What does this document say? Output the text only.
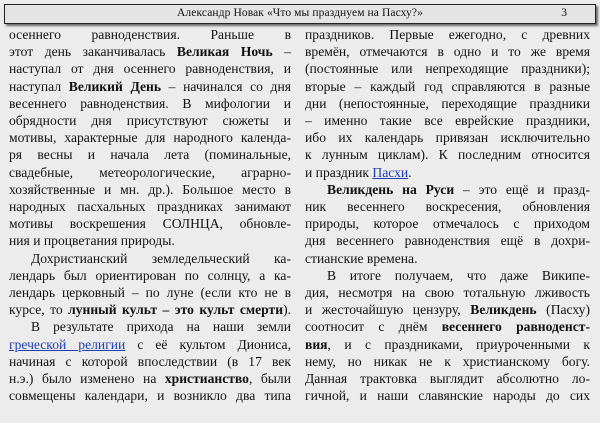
Александр Новак «Что мы празднуем на Пасху?»	3
осеннего равноденствия. Раньше в
этот день заканчивалась Великая Ночь –
наступал от дня осеннего равноденствия, и
наступал Великий День – начинался со дня
весеннего равноденствия. В мифологии и
обрядности дня присутствуют сюжеты и
мотивы, характерные для народного календа-
ря весны и начала лета (поминальные,
свадебные, метеорологические, аграрно-
хозяйственные и мн. др.). Большое место в
народных пасхальных праздниках занимают
мотивы воскрешения СОЛНЦА, обновле-
ния и процветания природы.
Дохристианский земледельческий ка-
лендарь был ориентирован по солнцу, а ка-
лендарь церковный – по луне (если кто не в
курсе, то лунный культ – это культ смерти).
В результате прихода на наши земли
греческой религии с её культом Диониса,
начиная с которой впоследствии (в 17 век
н.э.) было изменено на христианство, были
совмещены календари, и возникло два типа
праздников. Первые ежегодно, с древних
времён, отмечаются в одно и то же время
(постоянные или непреходящие праздники);
вторые – каждый год справляются в разные
дни (непостоянные, переходящие праздники
– именно такие все еврейские праздники,
ибо их календарь привязан исключительно
к лунным циклам). К последним относится
и праздник Пасхи.
Великдень на Руси – это ещё и празд-
ник весеннего воскресения, обновления
природы, которое отмечалось с приходом
дня весеннего равноденствия ещё в дохри-
стианские времена.
В итоге получаем, что даже Википе-
дия, несмотря на свою тотальную лживость
и жесточайшую цензуру, Великдень (Пасху)
соотносит с днём весеннего равноденст-
вия, и с праздниками, приуроченными к
нему, но никак не к христианскому богу.
Данная трактовка выглядит абсолютно ло-
гичной, и наши славянские народы до сих
